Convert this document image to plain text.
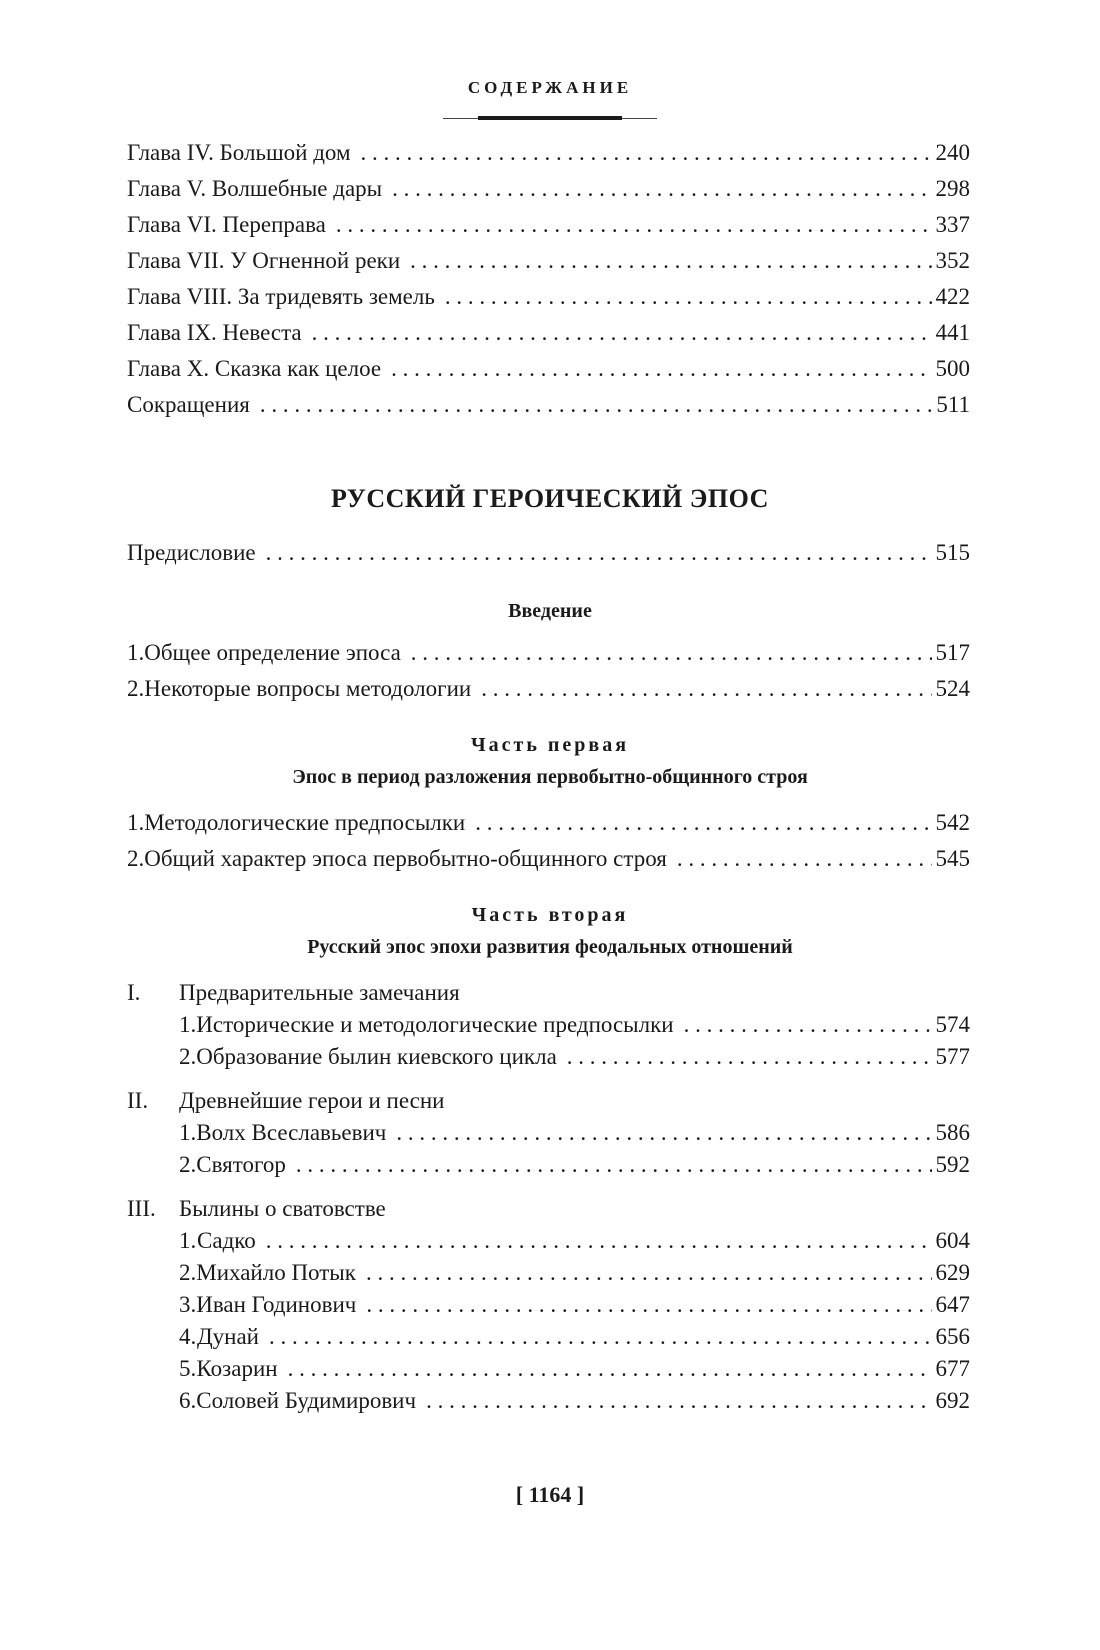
СОДЕРЖАНИЕ
Глава IV. Большой дом . . .	240
Глава V. Волшебные дары . . .	298
Глава VI. Переправа . . .	337
Глава VII. У Огненной реки . . .	352
Глава VIII. За тридевять земель . . .	422
Глава IX. Невеста . . .	441
Глава X. Сказка как целое . . .	500
Сокращения . . .	511
Предисловие . . .	515
1. Общее определение эпоса . . .	517
2. Некоторые вопросы методологии . . .	524
1. Методологические предпосылки . . .	542
2. Общий характер эпоса первобытно-общинного строя . . .	545
I. Предварительные замечания
1. Исторические и методологические предпосылки . . .	574
2. Образование былин киевского цикла . . .	577
II. Древнейшие герои и песни
1. Волх Всеславьевич . . .	586
2. Святогор . . .	592
III. Былины о сватовстве
1. Садко . . .	604
2. Михайло Потык . . .	629
3. Иван Годинович . . .	647
4. Дунай . . .	656
5. Козарин . . .	677
6. Соловей Будимирович . . .	692
РУССКИЙ ГЕРОИЧЕСКИЙ ЭПОС
Введение
Часть первая
Эпос в период разложения первобытно-общинного строя
Часть вторая
Русский эпос эпохи развития феодальных отношений
[ 1164 ]
